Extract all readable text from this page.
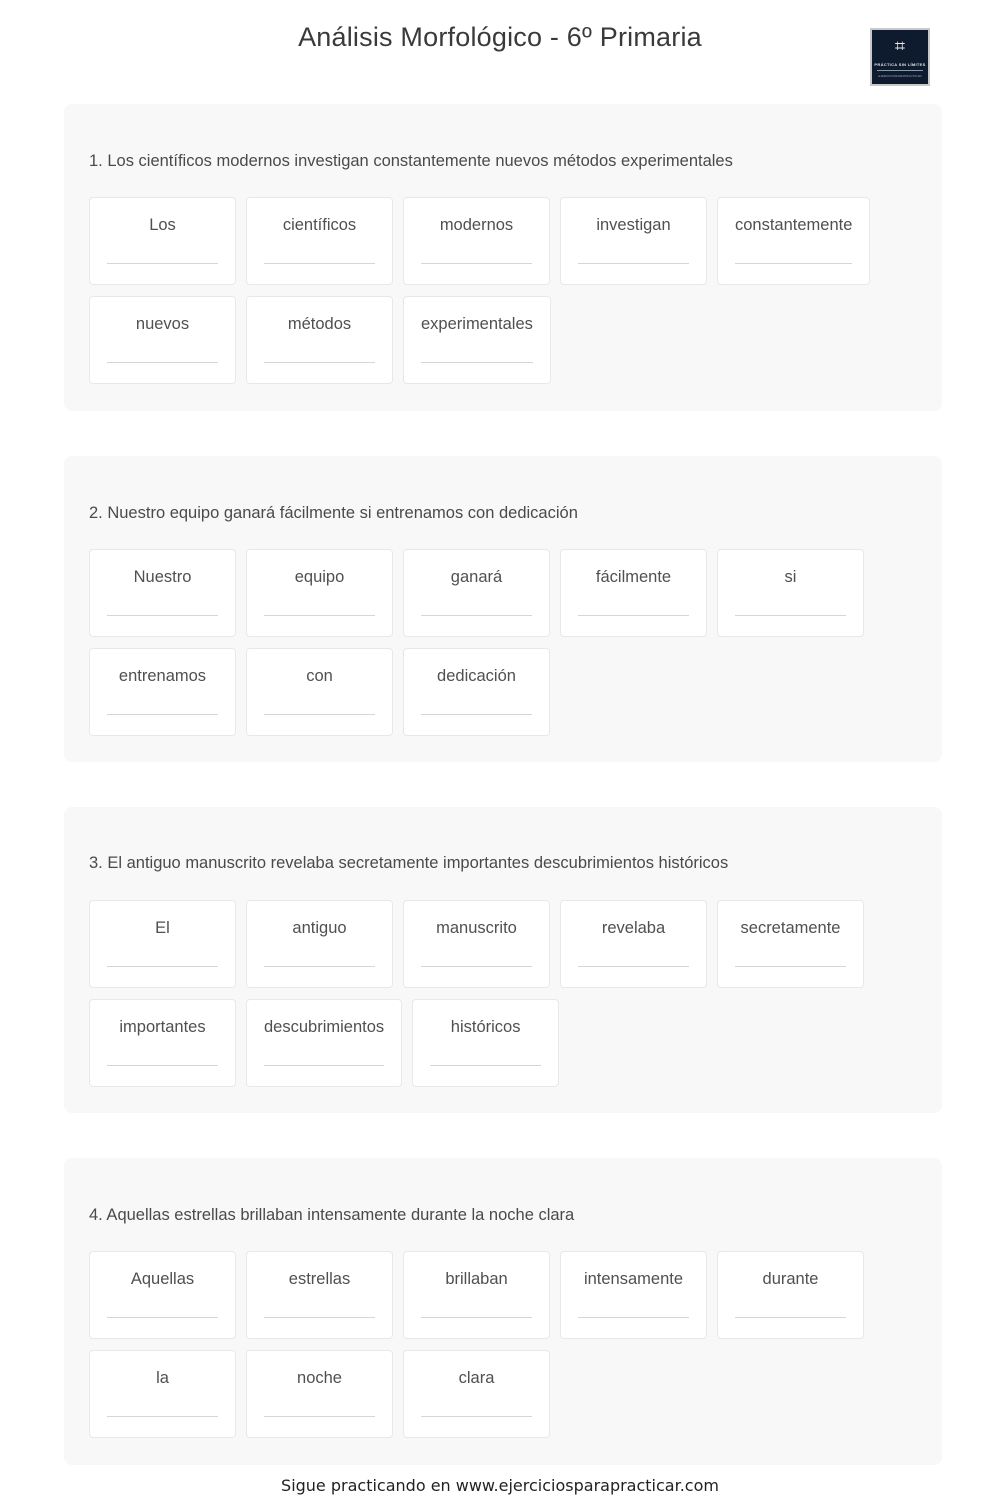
Análisis Morfológico - 6º Primaria	⌗
PRÁCTICA SIN LÍMITES
EJERCICIOSPARAPRACTICAR
1. Los científicos modernos investigan constantemente nuevos métodos experimentales
Los	científicos	modernos	investigan	constantemente
nuevos	métodos	experimentales
2. Nuestro equipo ganará fácilmente si entrenamos con dedicación
Nuestro	equipo	ganará	fácilmente	si
entrenamos	con	dedicación
3. El antiguo manuscrito revelaba secretamente importantes descubrimientos históricos
El	antiguo	manuscrito	revelaba	secretamente
importantes	descubrimientos	históricos
4. Aquellas estrellas brillaban intensamente durante la noche clara
Aquellas	estrellas	brillaban	intensamente	durante
la	noche	clara
Sigue practicando en www.ejerciciosparapracticar.com
